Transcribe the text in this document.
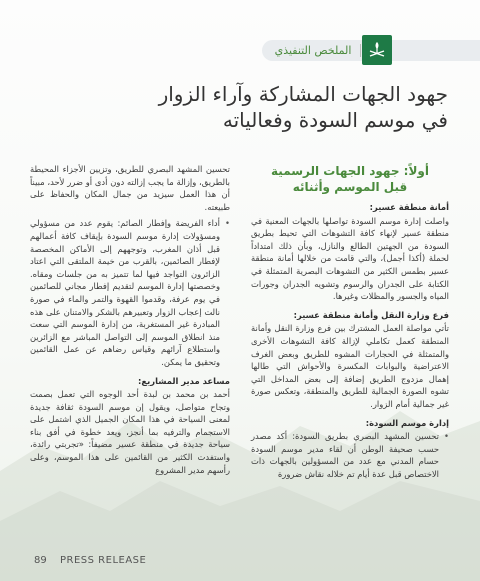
الملخص التنفيذي
جهود الجهات المشاركة وآراء الزوار
في موسم السودة وفعالياته
أولاً: جهود الجهات الرسمية
قبل الموسم وأثنائه
أمانة منطقة عسير:

واصلت إدارة موسم السودة تواصلها بالجهات المعنية في منطقة عسير لإنهاء كافة التشوهات التي تحيط بطريق السودة من الجهتين الطالع والنازل، وبأن ذلك امتداداً لحملة (أكذا أجمل)، والتي قامت من خلالها أمانة منطقة عسير بطمس الكثير من التشوهات البصرية المتمثلة في الكتابة على الجدران والرسوم وتشويه الجدران وجورات المياه والجسور والمظلات وغيرها.

فرع وزارة النقل وأمانة منطقة عسير:

تأتي مواصلة العمل المشترك بين فرع وزارة النقل وأمانة المنطقة كعمل تكاملي لإزالة كافة التشوهات الأخرى والمتمثلة في الحجارات المشوه للطريق وبعض الغرف الاعتراضية والبوابات المكسرة والأحواش التي طالها إهمال مزدوج الطريق إضافة إلى بعض المداخل التي تشوه الصورة الجمالية للطريق والمنطقة، وتعكس صورة غير جمالية أمام الزوار.

إدارة موسم السودة:

• تحسين المشهد البصري بطريق السودة: أكد مصدر حسب صحيفة الوطن أن لقاء مدير موسم السودة حسام المدني مع عدد من المسؤولين بالجهات ذات الاختصاص قبل عدة أيام تم خلاله نقاش ضرورة

تحسين المشهد البصري للطريق، وتزيين الأجزاء المحيطة بالطريق، وإزالة ما يجب إزالته دون أدى أو ضرر لأحد، مبيناً أن هذا العمل سيزيد من جمال المكان والحفاظ على طبيعته.

• أداء الفريضة وإفطار الصائم: يقوم عدد من مسؤولي ومسؤولات إدارة موسم السودة بإيقاف كافة أعمالهم قبل أذان المغرب، وتوجههم إلى الأماكن المخصصة لإفطار الصائمين، بالقرب من خيمة الملتقى التي اعتاد الزائرون التواجد فيها لما تتميز به من جلسات ومقاه. وخصصتها إدارة الموسم لتقديم إفطار مجاني للصائمين في يوم عرفة، وقدموا القهوة والتمر والماء في صورة نالت إعجاب الزوار وتعبيرهم بالشكر والامتنان على هذه المبادرة غير المستغربة، من إدارة الموسم التي سعت منذ انطلاق الموسم إلى التواصل المباشر مع الزائرين واستطلاع آرائهم وقياس رضاهم عن عمل القائمين وتحقيق ما يمكن.

مساعد مدير المشاريع:

أحمد بن محمد بن لبدة أحد الوجوه التي تعمل بصمت وتجاح متواصل، ويقول إن موسم السودة ثقافة جديدة لمعنى السياحة في هذا المكان الجميل الذي اشتمل على الاستجمام والترفيه بما أنجز، ويعد خطوة في أفق بناء سياحة جديدة في منطقة عسير مضيفاً: «تجربتي رائدة، واستفدت الكثير من القائمين على هذا الموسم، وعلى رأسهم مدير المشروع

89 PRESS RELEASE
